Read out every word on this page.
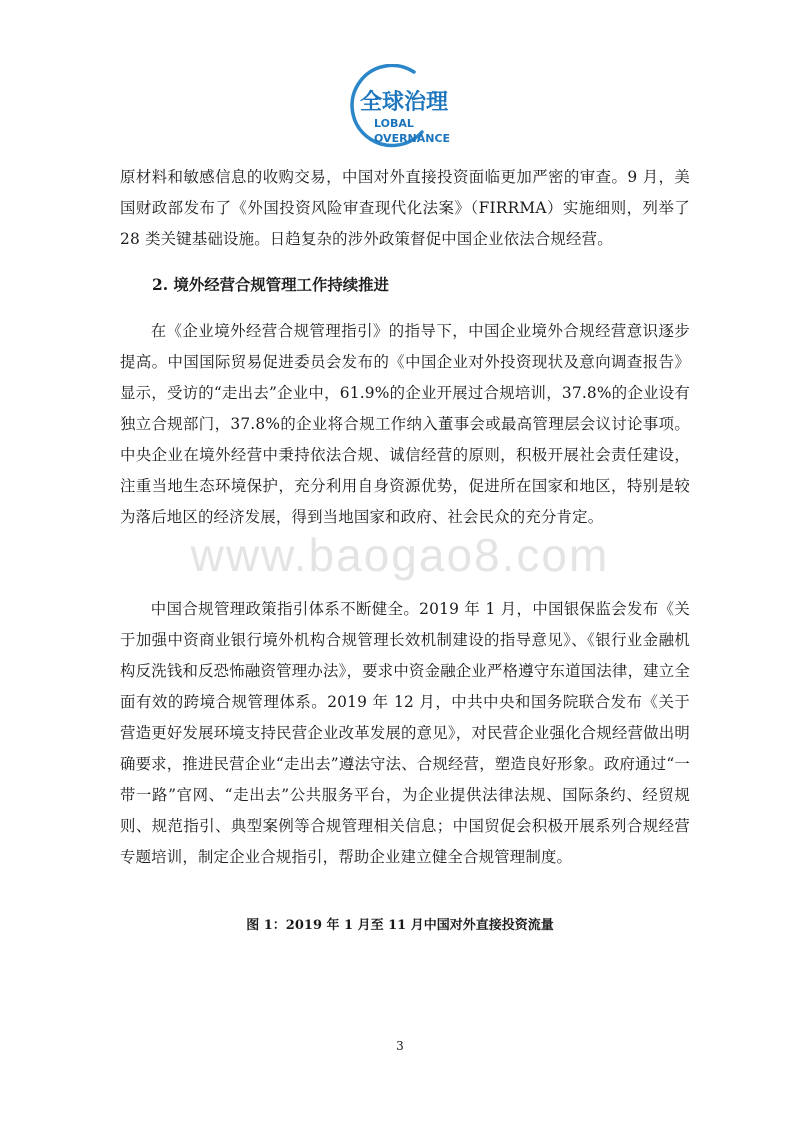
全球治理
LOBAL
OVERNANCE

原材料和敏感信息的收购交易，中国对外直接投资面临更加严密的审查。9 月，美国财政部发布了《外国投资风险审查现代化法案》（FIRRMA）实施细则，列举了 28 类关键基础设施。日趋复杂的涉外政策督促中国企业依法合规经营。

2. 境外经营合规管理工作持续推进

在《企业境外经营合规管理指引》的指导下，中国企业境外合规经营意识逐步提高。中国国际贸易促进委员会发布的《中国企业对外投资现状及意向调查报告》显示，受访的“走出去”企业中，61.9%的企业开展过合规培训，37.8%的企业设有独立合规部门，37.8%的企业将合规工作纳入董事会或最高管理层会议讨论事项。中央企业在境外经营中秉持依法合规、诚信经营的原则，积极开展社会责任建设，注重当地生态环境保护，充分利用自身资源优势，促进所在国家和地区，特别是较为落后地区的经济发展，得到当地国家和政府、社会民众的充分肯定。

www.baogao8.com

中国合规管理政策指引体系不断健全。2019 年 1 月，中国银保监会发布《关于加强中资商业银行境外机构合规管理长效机制建设的指导意见》、《银行业金融机构反洗钱和反恐怖融资管理办法》，要求中资金融企业严格遵守东道国法律，建立全面有效的跨境合规管理体系。2019 年 12 月，中共中央和国务院联合发布《关于营造更好发展环境支持民营企业改革发展的意见》，对民营企业强化合规经营做出明确要求，推进民营企业“走出去”遵法守法、合规经营，塑造良好形象。政府通过“一带一路”官网、“走出去”公共服务平台，为企业提供法律法规、国际条约、经贸规则、规范指引、典型案例等合规管理相关信息；中国贸促会积极开展系列合规经营专题培训，制定企业合规指引，帮助企业建立健全合规管理制度。

图 1：2019 年 1 月至 11 月中国对外直接投资流量

3
